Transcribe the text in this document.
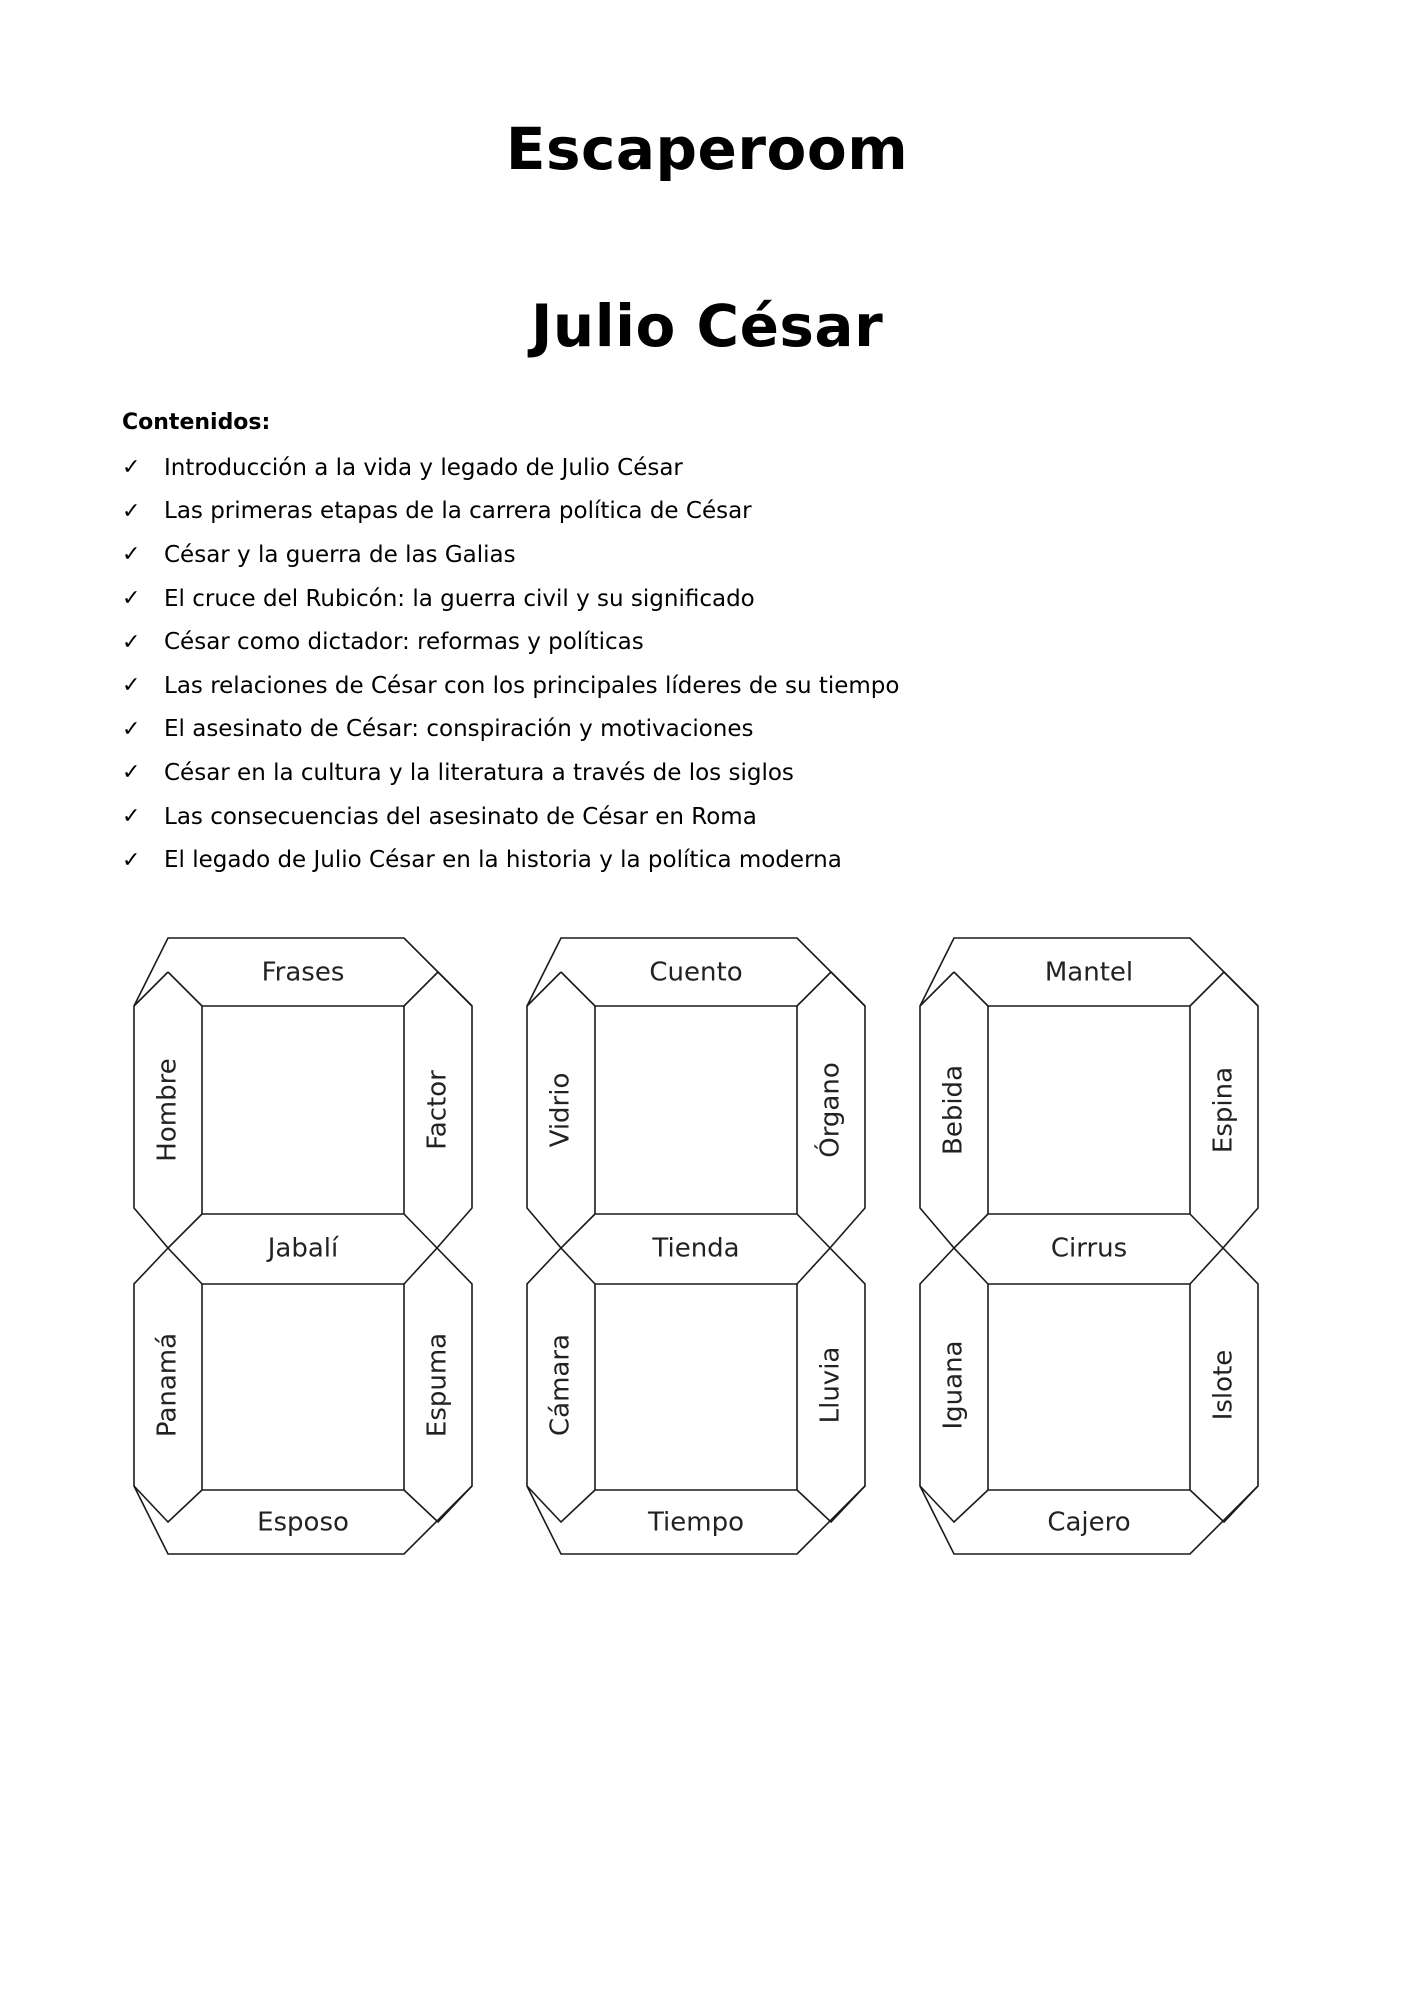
Escaperoom
Julio César

Contenidos:

✓	Introducción a la vida y legado de Julio César
✓	Las primeras etapas de la carrera política de César
✓	César y la guerra de las Galias
✓	El cruce del Rubicón: la guerra civil y su significado
✓	César como dictador: reformas y políticas
✓	Las relaciones de César con los principales líderes de su tiempo
✓	El asesinato de César: conspiración y motivaciones
✓	César en la cultura y la literatura a través de los siglos
✓	Las consecuencias del asesinato de César en Roma
✓	El legado de Julio César en la historia y la política moderna
Frases
Hombre	Factor
Jabalí
Panamá	Espuma
Esposo
Cuento
Vidrio	Órgano
Tienda
Cámara	Lluvia
Tiempo
Mantel
Bebida	Espina
Cirrus
Iguana	Islote
Cajero
